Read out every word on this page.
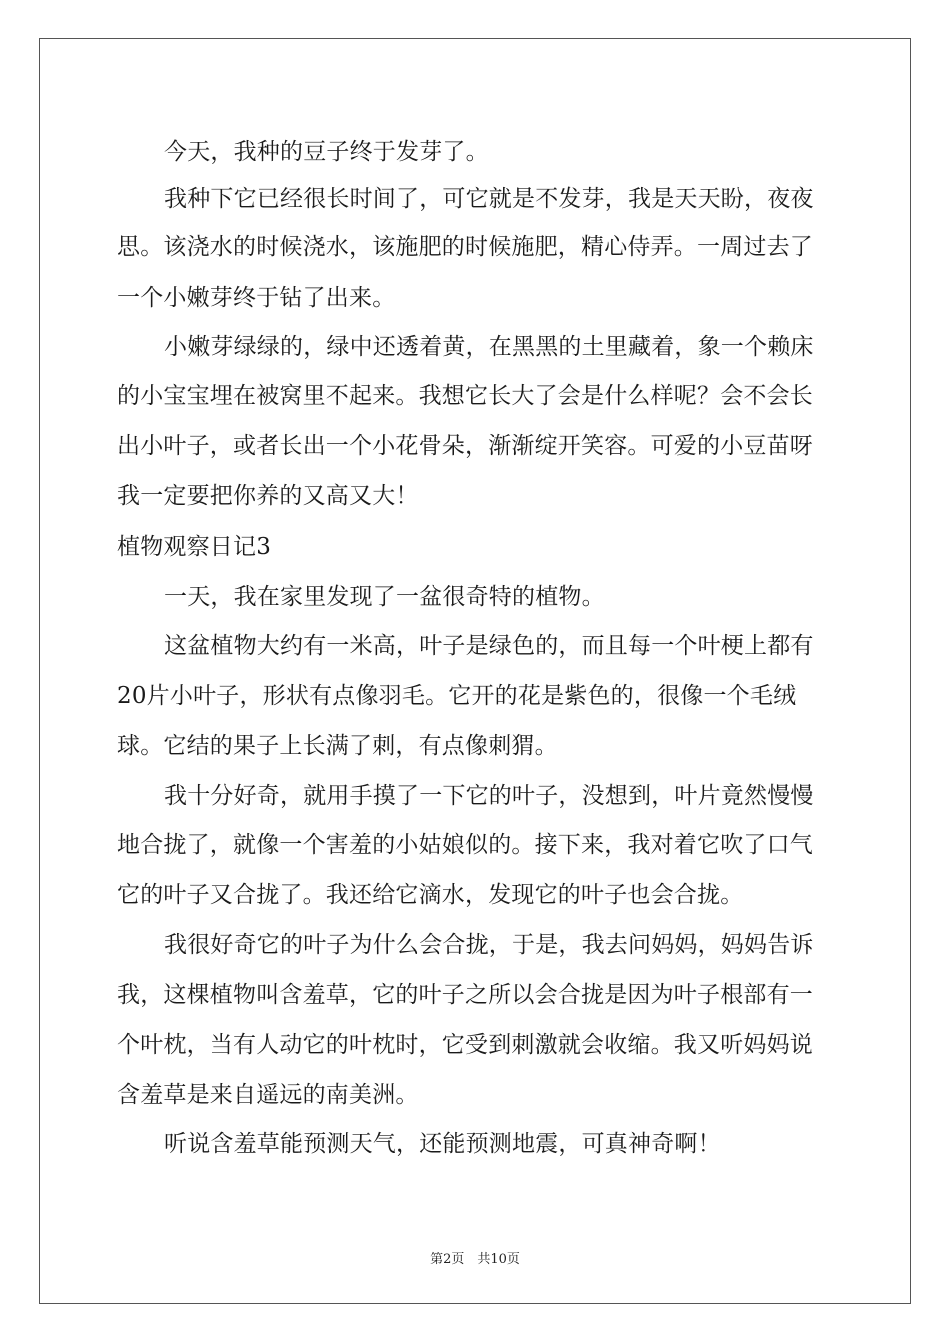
今天，我种的豆子终于发芽了。
我种下它已经很长时间了，可它就是不发芽，我是天天盼，夜夜
思。该浇水的时候浇水，该施肥的时候施肥，精心侍弄。一周过去了
一个小嫩芽终于钻了出来。
小嫩芽绿绿的，绿中还透着黄，在黑黑的土里藏着，象一个赖床
的小宝宝埋在被窝里不起来。我想它长大了会是什么样呢？会不会长
出小叶子，或者长出一个小花骨朵，渐渐绽开笑容。可爱的小豆苗呀
我一定要把你养的又高又大！
植物观察日记3
一天，我在家里发现了一盆很奇特的植物。
这盆植物大约有一米高，叶子是绿色的，而且每一个叶梗上都有
20片小叶子，形状有点像羽毛。它开的花是紫色的，很像一个毛绒
球。它结的果子上长满了刺，有点像刺猬。
我十分好奇，就用手摸了一下它的叶子，没想到，叶片竟然慢慢
地合拢了，就像一个害羞的小姑娘似的。接下来，我对着它吹了口气
它的叶子又合拢了。我还给它滴水，发现它的叶子也会合拢。
我很好奇它的叶子为什么会合拢，于是，我去问妈妈，妈妈告诉
我，这棵植物叫含羞草，它的叶子之所以会合拢是因为叶子根部有一
个叶枕，当有人动它的叶枕时，它受到刺激就会收缩。我又听妈妈说
含羞草是来自遥远的南美洲。
听说含羞草能预测天气，还能预测地震，可真神奇啊！
第2页　共10页
